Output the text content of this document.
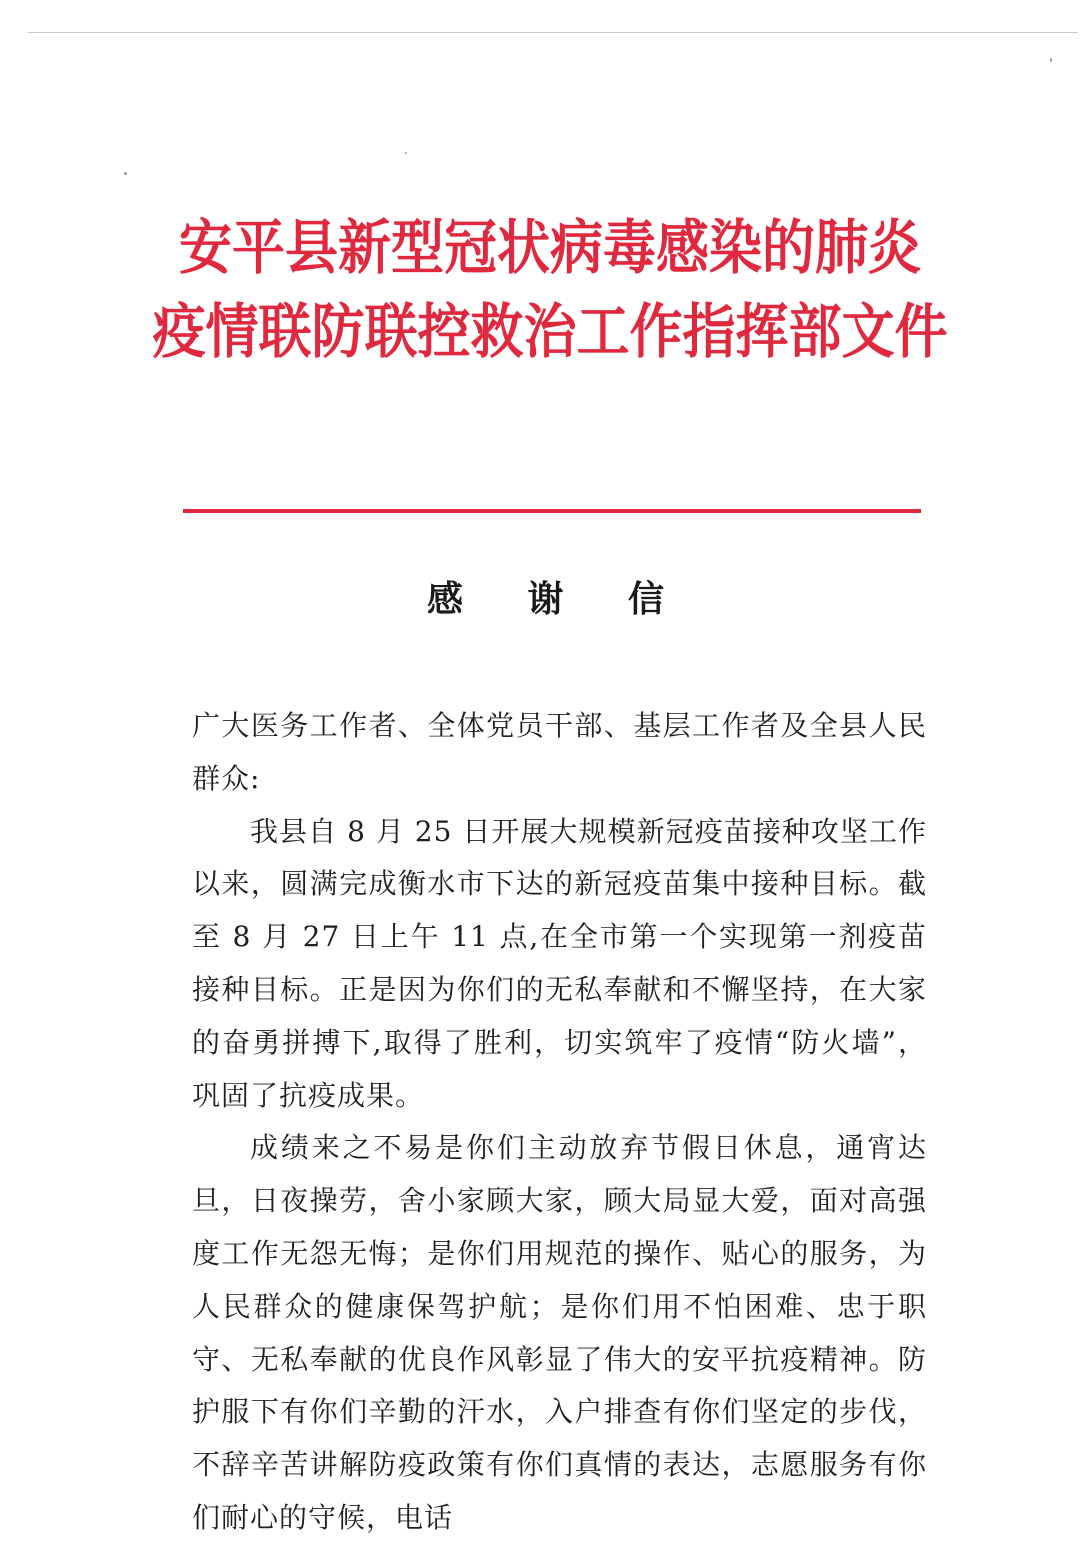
安平县新型冠状病毒感染的肺炎
疫情联防联控救治工作指挥部文件
感 谢 信

广大医务工作者、全体党员干部、基层工作者及全县人民群众:

我县自 8 月 25 日开展大规模新冠疫苗接种攻坚工作以来，圆满完成衡水市下达的新冠疫苗集中接种目标。截至 8 月 27 日上午 11 点,在全市第一个实现第一剂疫苗接种目标。正是因为你们的无私奉献和不懈坚持，在大家的奋勇拼搏下,取得了胜利，切实筑牢了疫情“防火墙”，巩固了抗疫成果。

成绩来之不易是你们主动放弃节假日休息，通宵达旦，日夜操劳，舍小家顾大家，顾大局显大爱，面对高强度工作无怨无悔；是你们用规范的操作、贴心的服务，为人民群众的健康保驾护航；是你们用不怕困难、忠于职守、无私奉献的优良作风彰显了伟大的安平抗疫精神。防护服下有你们辛勤的汗水，入户排查有你们坚定的步伐，不辞辛苦讲解防疫政策有你们真情的表达，志愿服务有你们耐心的守候，电话
